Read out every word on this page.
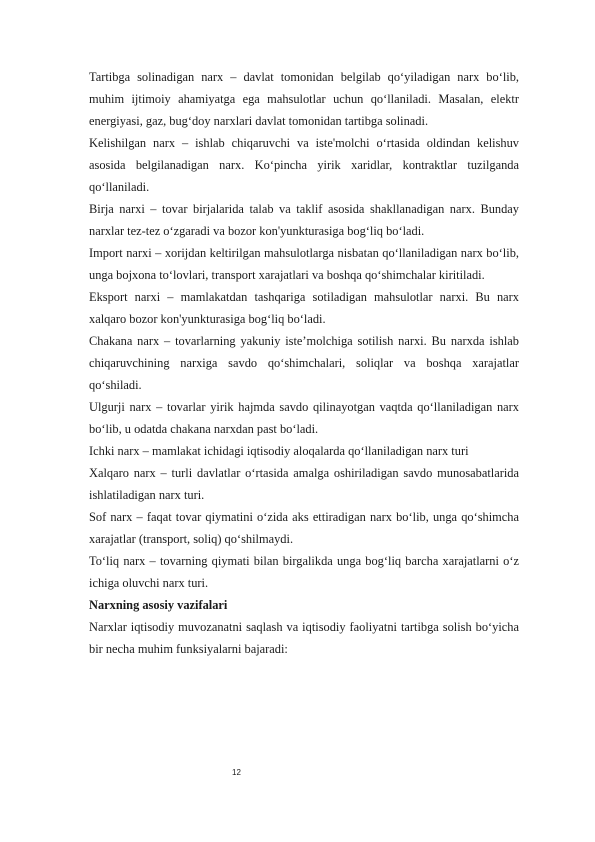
Tartibga solinadigan narx – davlat tomonidan belgilab qo‘yiladigan narx bo‘lib, muhim ijtimoiy ahamiyatga ega mahsulotlar uchun qo‘llaniladi. Masalan, elektr energiyasi, gaz, bug‘doy narxlari davlat tomonidan tartibga solinadi.

Kelishilgan narx – ishlab chiqaruvchi va iste'molchi o‘rtasida oldindan kelishuv asosida belgilanadigan narx. Ko‘pincha yirik xaridlar, kontraktlar tuzilganda qo‘llaniladi.

Birja narxi – tovar birjalarida talab va taklif asosida shakllanadigan narx. Bunday narxlar tez-tez o‘zgaradi va bozor kon'yunkturasiga bog‘liq bo‘ladi.

Import narxi – xorijdan keltirilgan mahsulotlarga nisbatan qo‘llaniladigan narx bo‘lib, unga bojxona to‘lovlari, transport xarajatlari va boshqa qo‘shimchalar kiritiladi.

Eksport narxi – mamlakatdan tashqariga sotiladigan mahsulotlar narxi. Bu narx xalqaro bozor kon'yunkturasiga bog‘liq bo‘ladi.

Chakana narx – tovarlarning yakuniy iste’molchiga sotilish narxi. Bu narxda ishlab chiqaruvchining narxiga savdo qo‘shimchalari, soliqlar va boshqa xarajatlar qo‘shiladi.

Ulgurji narx – tovarlar yirik hajmda savdo qilinayotgan vaqtda qo‘llaniladigan narx bo‘lib, u odatda chakana narxdan past bo‘ladi.

Ichki narx – mamlakat ichidagi iqtisodiy aloqalarda qo‘llaniladigan narx turi

Xalqaro narx – turli davlatlar o‘rtasida amalga oshiriladigan savdo munosabatlarida ishlatiladigan narx turi.

Sof narx – faqat tovar qiymatini o‘zida aks ettiradigan narx bo‘lib, unga qo‘shimcha xarajatlar (transport, soliq) qo‘shilmaydi.

To‘liq narx – tovarning qiymati bilan birgalikda unga bog‘liq barcha xarajatlarni o‘z ichiga oluvchi narx turi.

Narxning asosiy vazifalari

Narxlar iqtisodiy muvozanatni saqlash va iqtisodiy faoliyatni tartibga solish bo‘yicha bir necha muhim funksiyalarni bajaradi:

12
